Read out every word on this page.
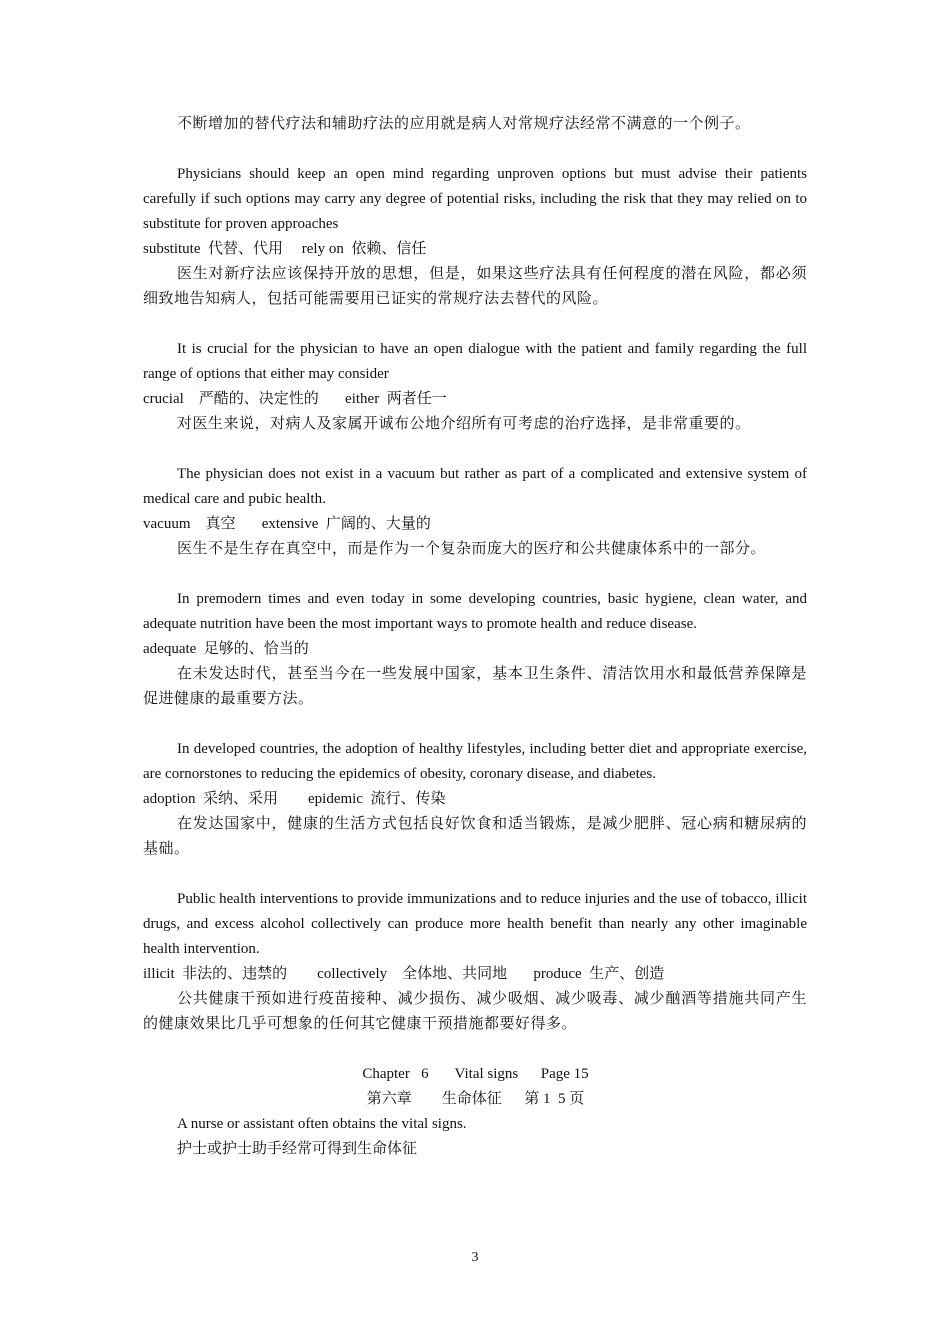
不断增加的替代疗法和辅助疗法的应用就是病人对常规疗法经常不满意的一个例子。

Physicians should keep an open mind regarding unproven options but must advise their patients carefully if such options may carry any degree of potential risks, including the risk that they may relied on to substitute for proven approaches

substitute  代替、代用     rely on  依赖、信任

医生对新疗法应该保持开放的思想，但是，如果这些疗法具有任何程度的潜在风险，都必须细致地告知病人，包括可能需要用已证实的常规疗法去替代的风险。

It is crucial for the physician to have an open dialogue with the patient and family regarding the full range of options that either may consider

crucial    严酷的、决定性的       either  两者任一

对医生来说，对病人及家属开诚布公地介绍所有可考虑的治疗选择，是非常重要的。

The physician does not exist in a vacuum but rather as part of a complicated and extensive system of medical care and pubic health.

vacuum    真空       extensive  广阔的、大量的

医生不是生存在真空中，而是作为一个复杂而庞大的医疗和公共健康体系中的一部分。

In premodern times and even today in some developing countries, basic hygiene, clean water, and adequate nutrition have been the most important ways to promote health and reduce disease.

adequate  足够的、恰当的

在未发达时代，甚至当今在一些发展中国家，基本卫生条件、清洁饮用水和最低营养保障是促进健康的最重要方法。

In developed countries, the adoption of healthy lifestyles, including better diet and appropriate exercise, are cornorstones to reducing the epidemics of obesity, coronary disease, and diabetes.

adoption  采纳、采用        epidemic  流行、传染

在发达国家中，健康的生活方式包括良好饮食和适当锻炼，是减少肥胖、冠心病和糖尿病的基础。

Public health interventions to provide immunizations and to reduce injuries and the use of tobacco, illicit drugs, and excess alcohol collectively can produce more health benefit than nearly any other imaginable health intervention.

illicit  非法的、违禁的        collectively    全体地、共同地       produce  生产、创造

公共健康干预如进行疫苗接种、减少损伤、减少吸烟、减少吸毒、减少酗酒等措施共同产生的健康效果比几乎可想象的任何其它健康干预措施都要好得多。

Chapter   6       Vital signs      Page 15

第六章        生命体征      第 1  5 页

A nurse or assistant often obtains the vital signs.

护士或护士助手经常可得到生命体征

3
